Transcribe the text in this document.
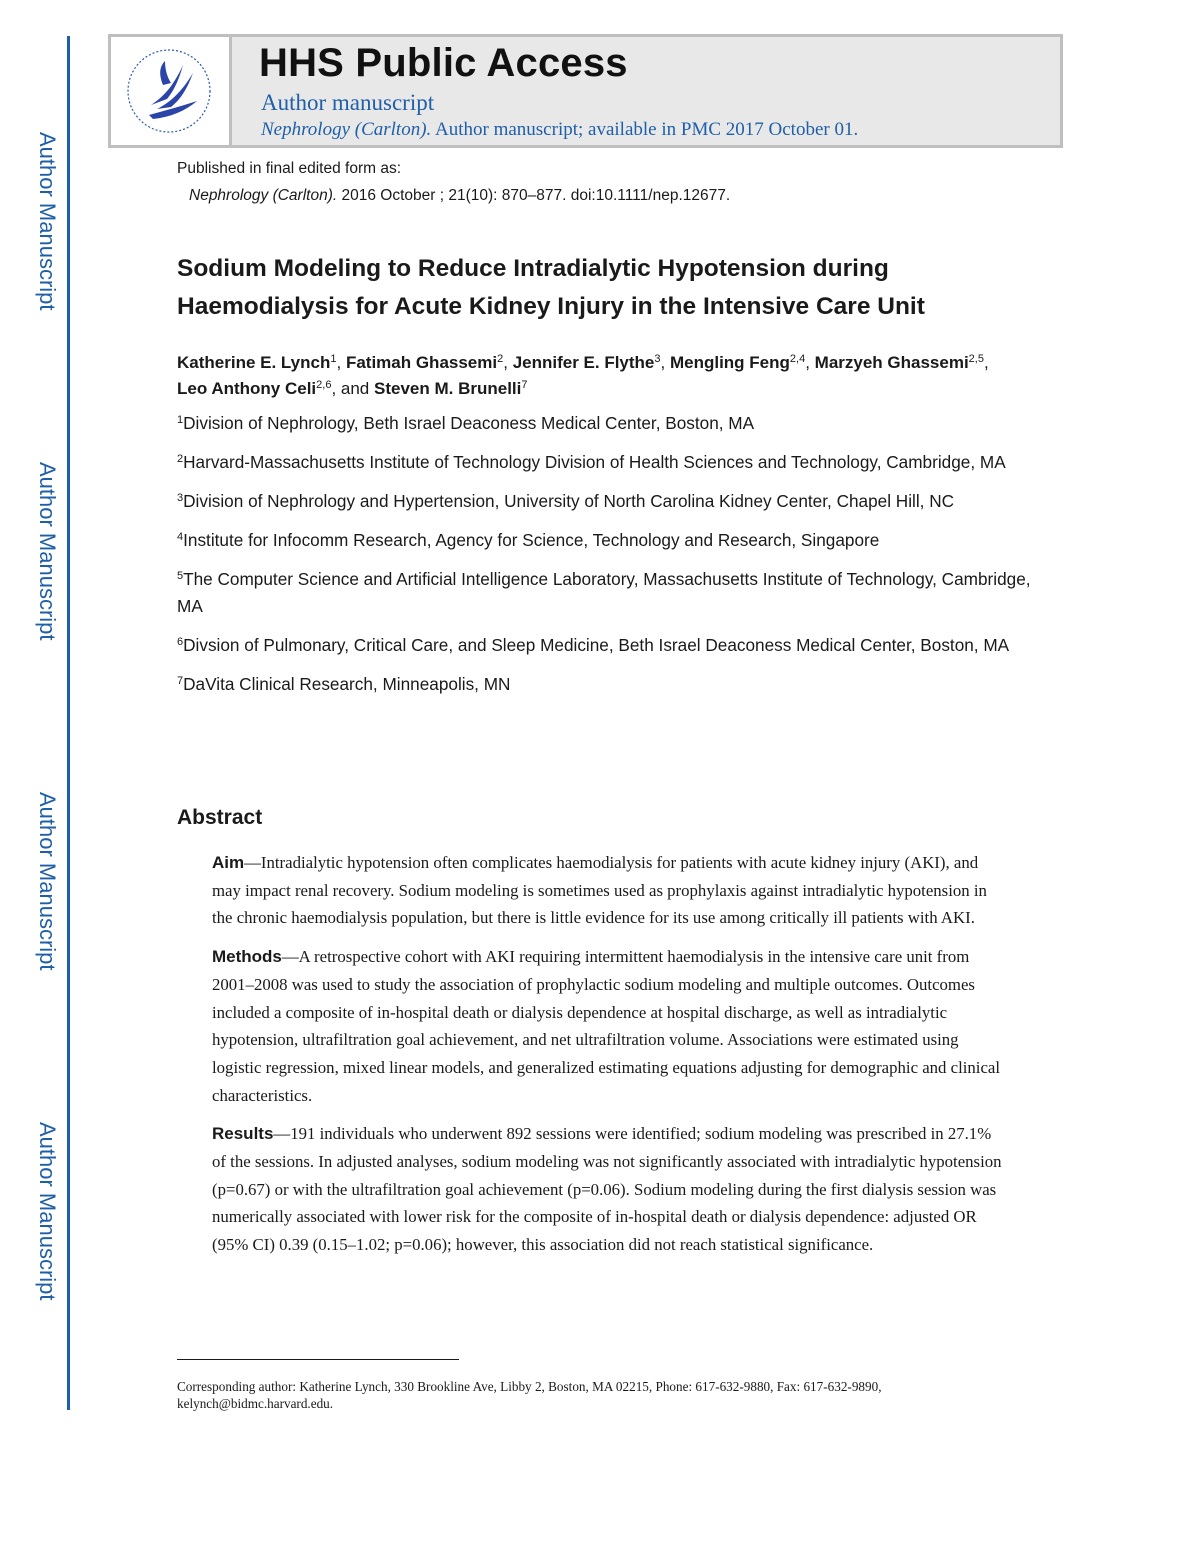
Author Manuscript
Author Manuscript
Author Manuscript
Author Manuscript
HHS Public Access
Author manuscript
Nephrology (Carlton). Author manuscript; available in PMC 2017 October 01.
Published in final edited form as:
Nephrology (Carlton). 2016 October ; 21(10): 870–877. doi:10.1111/nep.12677.
Sodium Modeling to Reduce Intradialytic Hypotension during Haemodialysis for Acute Kidney Injury in the Intensive Care Unit
Katherine E. Lynch$^1$, Fatimah Ghassemi$^2$, Jennifer E. Flythe$^3$, Mengling Feng$^{2,4}$, Marzyeh Ghassemi$^{2,5}$, Leo Anthony Celi$^{2,6}$, and Steven M. Brunelli$^7$
$^1$Division of Nephrology, Beth Israel Deaconess Medical Center, Boston, MA
$^2$Harvard-Massachusetts Institute of Technology Division of Health Sciences and Technology, Cambridge, MA
$^3$Division of Nephrology and Hypertension, University of North Carolina Kidney Center, Chapel Hill, NC
$^4$Institute for Infocomm Research, Agency for Science, Technology and Research, Singapore
$^5$The Computer Science and Artificial Intelligence Laboratory, Massachusetts Institute of Technology, Cambridge, MA
$^6$Divsion of Pulmonary, Critical Care, and Sleep Medicine, Beth Israel Deaconess Medical Center, Boston, MA
$^7$DaVita Clinical Research, Minneapolis, MN
Abstract

Aim—Intradialytic hypotension often complicates haemodialysis for patients with acute kidney injury (AKI), and may impact renal recovery. Sodium modeling is sometimes used as prophylaxis against intradialytic hypotension in the chronic haemodialysis population, but there is little evidence for its use among critically ill patients with AKI.

Methods—A retrospective cohort with AKI requiring intermittent haemodialysis in the intensive care unit from 2001–2008 was used to study the association of prophylactic sodium modeling and multiple outcomes. Outcomes included a composite of in-hospital death or dialysis dependence at hospital discharge, as well as intradialytic hypotension, ultrafiltration goal achievement, and net ultrafiltration volume. Associations were estimated using logistic regression, mixed linear models, and generalized estimating equations adjusting for demographic and clinical characteristics.

Results—191 individuals who underwent 892 sessions were identified; sodium modeling was prescribed in 27.1% of the sessions. In adjusted analyses, sodium modeling was not significantly associated with intradialytic hypotension (p=0.67) or with the ultrafiltration goal achievement (p=0.06). Sodium modeling during the first dialysis session was numerically associated with lower risk for the composite of in-hospital death or dialysis dependence: adjusted OR (95% CI) 0.39 (0.15–1.02; p=0.06); however, this association did not reach statistical significance.

Corresponding author: Katherine Lynch, 330 Brookline Ave, Libby 2, Boston, MA 02215, Phone: 617-632-9880, Fax: 617-632-9890, kelynch@bidmc.harvard.edu.
